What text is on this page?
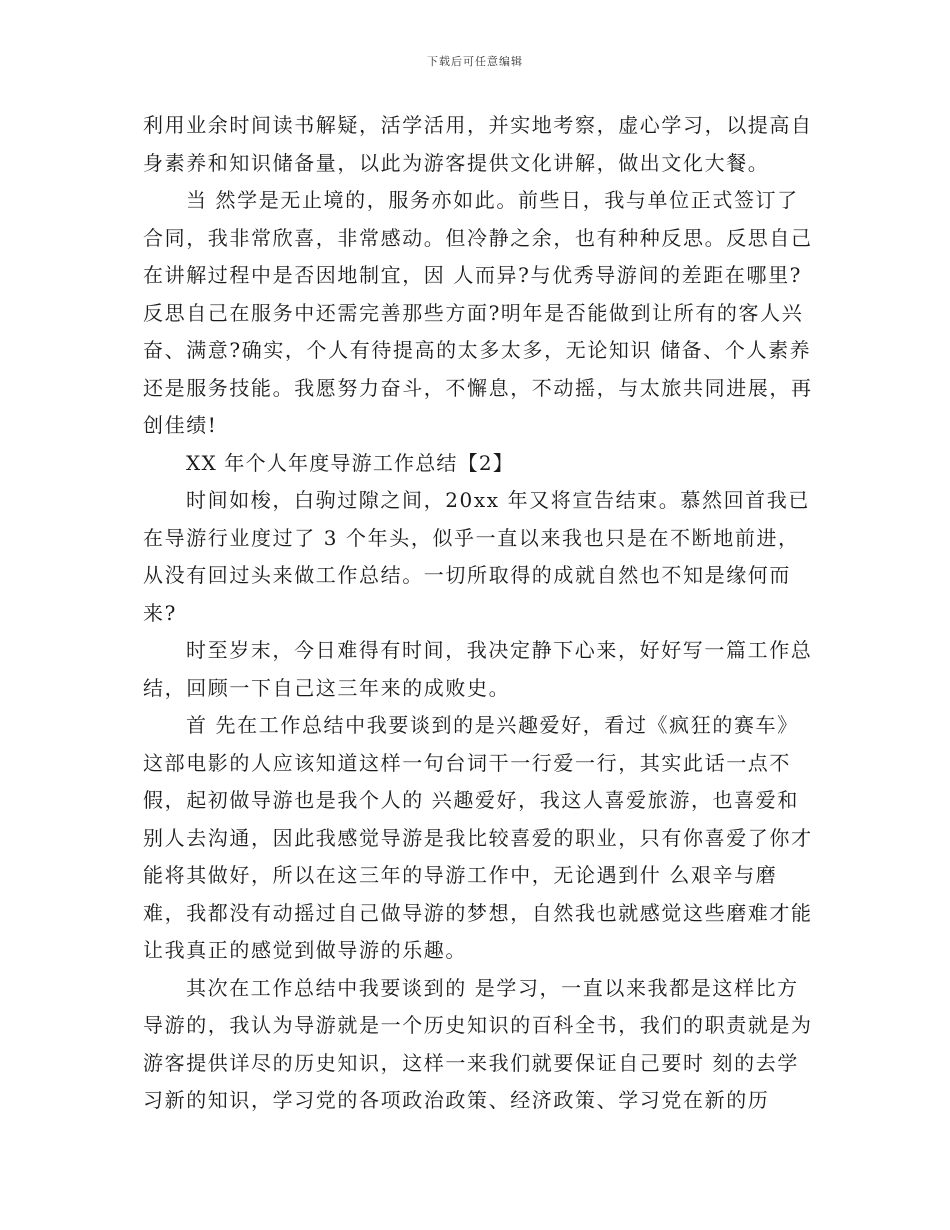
下载后可任意编辑

利用业余时间读书解疑，活学活用，并实地考察，虚心学习，以提高自身素养和知识储备量，以此为游客提供文化讲解，做出文化大餐。

当 然学是无止境的，服务亦如此。前些日，我与单位正式签订了合同，我非常欣喜，非常感动。但冷静之余，也有种种反思。反思自己在讲解过程中是否因地制宜，因 人而异?与优秀导游间的差距在哪里?反思自己在服务中还需完善那些方面?明年是否能做到让所有的客人兴奋、满意?确实，个人有待提高的太多太多，无论知识 储备、个人素养还是服务技能。我愿努力奋斗，不懈息，不动摇，与太旅共同进展，再创佳绩!

XX 年个人年度导游工作总结【2】

时间如梭，白驹过隙之间，20xx 年又将宣告结束。慕然回首我已在导游行业度过了 3 个年头，似乎一直以来我也只是在不断地前进，从没有回过头来做工作总结。一切所取得的成就自然也不知是缘何而来?

时至岁末，今日难得有时间，我决定静下心来，好好写一篇工作总结，回顾一下自己这三年来的成败史。

首 先在工作总结中我要谈到的是兴趣爱好，看过《疯狂的赛车》这部电影的人应该知道这样一句台词干一行爱一行，其实此话一点不假，起初做导游也是我个人的 兴趣爱好，我这人喜爱旅游，也喜爱和别人去沟通，因此我感觉导游是我比较喜爱的职业，只有你喜爱了你才能将其做好，所以在这三年的导游工作中，无论遇到什 么艰辛与磨难，我都没有动摇过自己做导游的梦想，自然我也就感觉这些磨难才能让我真正的感觉到做导游的乐趣。

其次在工作总结中我要谈到的 是学习，一直以来我都是这样比方导游的，我认为导游就是一个历史知识的百科全书，我们的职责就是为游客提供详尽的历史知识，这样一来我们就要保证自己要时 刻的去学习新的知识，学习党的各项政治政策、经济政策、学习党在新的历
